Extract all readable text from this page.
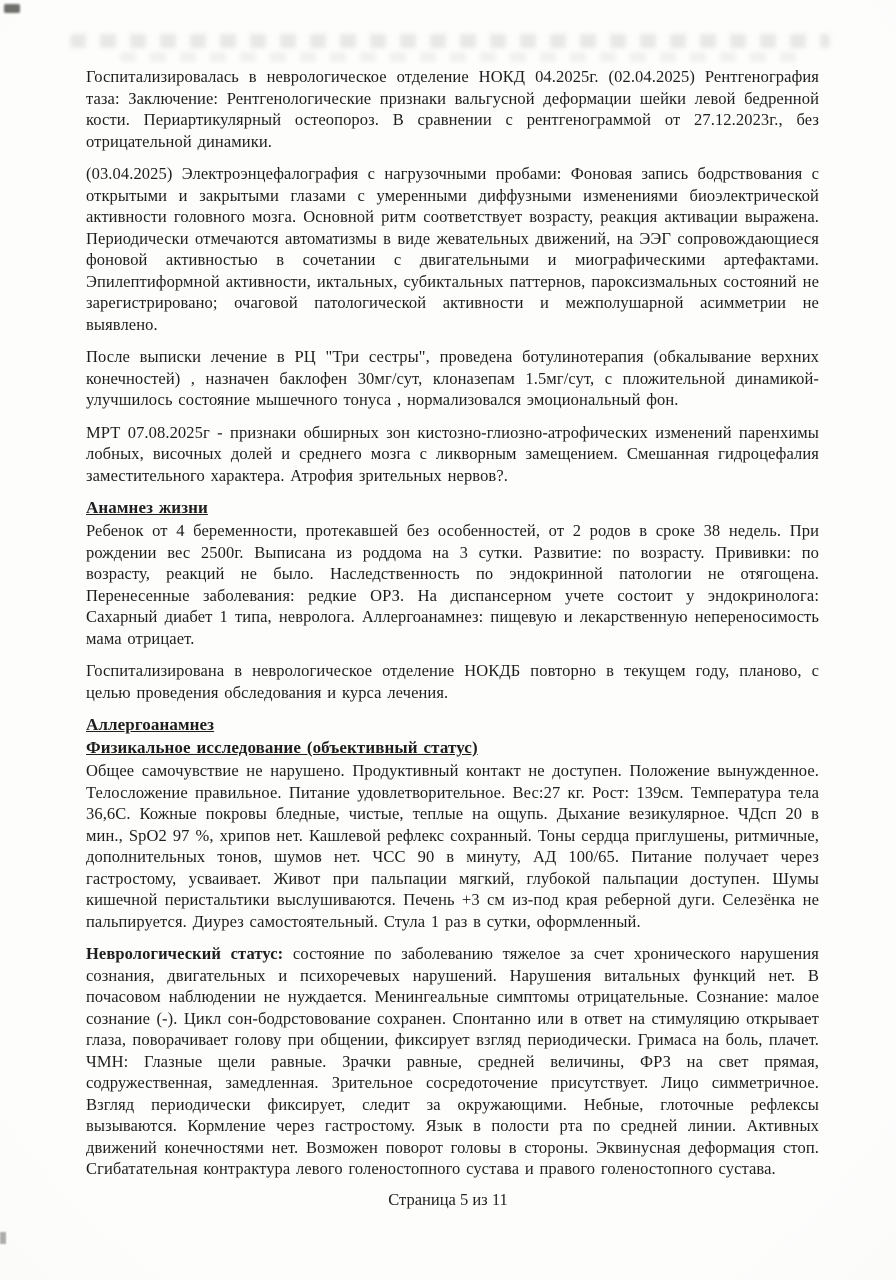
Госпитализировалась в неврологическое отделение НОКД 04.2025г. (02.04.2025) Рентгенография таза: Заключение: Рентгенологические признаки вальгусной деформации шейки левой бедренной кости. Периартикулярный остеопороз. В сравнении с рентгенограммой от 27.12.2023г., без отрицательной динамики.

(03.04.2025) Электроэнцефалография с нагрузочными пробами: Фоновая запись бодрствования с открытыми и закрытыми глазами с умеренными диффузными изменениями биоэлектрической активности головного мозга. Основной ритм соответствует возрасту, реакция активации выражена. Периодически отмечаются автоматизмы в виде жевательных движений, на ЭЭГ сопровождающиеся фоновой активностью в сочетании с двигательными и миографическими артефактами. Эпилептиформной активности, иктальных, субиктальных паттернов, пароксизмальных состояний не зарегистрировано; очаговой патологической активности и межполушарной асимметрии не выявлено.

После выписки лечение в РЦ "Три сестры", проведена ботулинотерапия (обкалывание верхних конечностей) , назначен баклофен 30мг/сут, клоназепам 1.5мг/сут, с пложительной динамикой- улучшилось состояние мышечного тонуса , нормализовался эмоциональный фон.

МРТ 07.08.2025г - признаки обширных зон кистозно-глиозно-атрофических изменений паренхимы лобных, височных долей и среднего мозга с ликворным замещением. Смешанная гидроцефалия заместительного характера. Атрофия зрительных нервов?.

Анамнез жизни

Ребенок от 4 беременности, протекавшей без особенностей, от 2 родов в сроке 38 недель. При рождении вес 2500г. Выписана из роддома на 3 сутки. Развитие: по возрасту. Прививки: по возрасту, реакций не было. Наследственность по эндокринной патологии не отягощена. Перенесенные заболевания: редкие ОРЗ. На диспансерном учете состоит у эндокринолога: Сахарный диабет 1 типа, невролога. Аллергоанамнез: пищевую и лекарственную непереносимость мама отрицает.

Госпитализирована в неврологическое отделение НОКДБ повторно в текущем году, планово, с целью проведения обследования и курса лечения.

Аллергоанамнез
Физикальное исследование (объективный статус)

Общее самочувствие не нарушено. Продуктивный контакт не доступен. Положение вынужденное. Телосложение правильное. Питание удовлетворительное. Вес:27 кг. Рост: 139см. Температура тела 36,6С. Кожные покровы бледные, чистые, теплые на ощупь. Дыхание везикулярное. ЧДсп 20 в мин., SpO2 97 %, хрипов нет. Кашлевой рефлекс сохранный. Тоны сердца приглушены, ритмичные, дополнительных тонов, шумов нет. ЧСС 90 в минуту, АД 100/65. Питание получает через гастростому, усваивает. Живот при пальпации мягкий, глубокой пальпации доступен. Шумы кишечной перистальтики выслушиваются. Печень +3 см из-под края реберной дуги. Селезёнка не пальпируется. Диурез самостоятельный. Стула 1 раз в сутки, оформленный.

Неврологический статус: состояние по заболеванию тяжелое за счет хронического нарушения сознания, двигательных и психоречевых нарушений. Нарушения витальных функций нет. В почасовом наблюдении не нуждается. Менингеальные симптомы отрицательные. Сознание: малое сознание (-). Цикл сон-бодрстовование сохранен. Спонтанно или в ответ на стимуляцию открывает глаза, поворачивает голову при общении, фиксирует взгляд периодически. Гримаса на боль, плачет. ЧМН: Глазные щели равные. Зрачки равные, средней величины, ФРЗ на свет прямая, содружественная, замедленная. Зрительное сосредоточение присутствует. Лицо симметричное. Взгляд периодически фиксирует, следит за окружающими. Небные, глоточные рефлексы вызываются. Кормление через гастростому. Язык в полости рта по средней линии. Активных движений конечностями нет. Возможен поворот головы в стороны. Эквинусная деформация стоп. Сгибатательная контрактура левого голеностопного сустава и правого голеностопного сустава.

Страница 5 из 11
